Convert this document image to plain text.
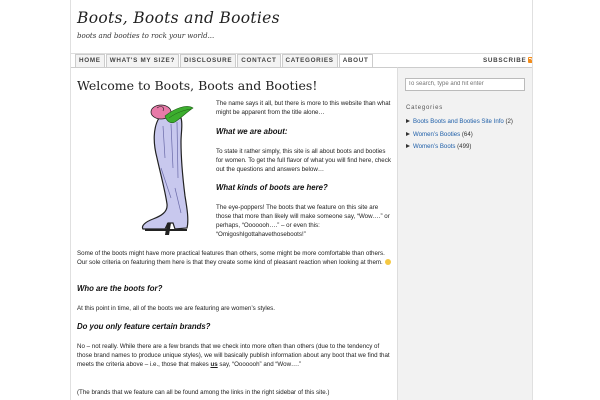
Boots, Boots and Booties
boots and booties to rock your world...
HOME	WHAT'S MY SIZE?	DISCLOSURE	CONTACT	CATEGORIES	ABOUT	SUBSCRIBE
Welcome to Boots, Boots and Booties!

The name says it all, but there is more to this website than what might be apparent from the title alone…

What we are about:

To state it rather simply, this site is all about boots and booties for women. To get the full flavor of what you will find here, check out the questions and answers below…

What kinds of boots are here?

The eye-poppers! The boots that we feature on this site are those that more than likely will make someone say, “Wow….” or perhaps, “Ooooooh….” – or even this: “OmigoshIgottahavethoseboots!”

Some of the boots might have more practical features than others, some might be more comfortable than others. Our sole criteria on featuring them here is that they create some kind of pleasant reaction when looking at them.

Who are the boots for?

At this point in time, all of the boots we are featuring are women’s styles.

Do you only feature certain brands?

No – not really. While there are a few brands that we check into more often than others (due to the tendency of those brand names to produce unique styles), we will basically publish information about any boot that we find that meets the criteria above – i.e., those that makes us say, “Ooooooh” and “Wow….”

(The brands that we feature can all be found among the links in the right sidebar of this site.)

To search, type and hit enter
Categories
Boots Boots and Booties Site Info (2)
Women’s Booties (64)
Women’s Boots (499)
